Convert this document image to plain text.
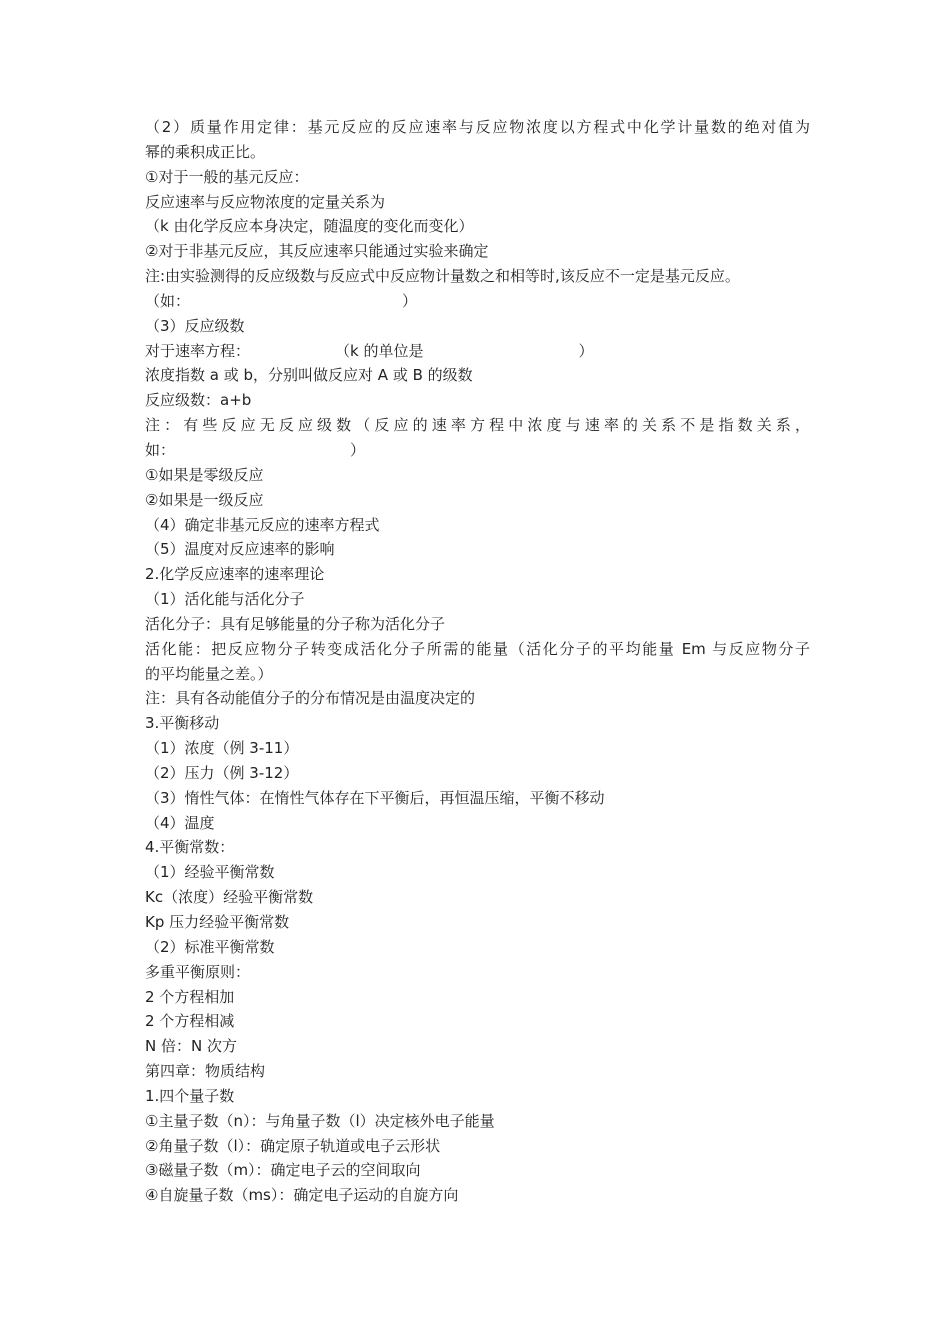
（2）质量作用定律：基元反应的反应速率与反应物浓度以方程式中化学计量数的绝对值为
幂的乘积成正比。
①对于一般的基元反应：
反应速率与反应物浓度的定量关系为
（k 由化学反应本身决定，随温度的变化而变化）
②对于非基元反应，其反应速率只能通过实验来确定
注:由实验测得的反应级数与反应式中反应物计量数之和相等时,该反应不一定是基元反应。
（如：	）
（3）反应级数
对于速率方程：	（k 的单位是	）
浓度指数 a 或 b，分别叫做反应对 A 或 B 的级数
反应级数：a+b
注：有些反应无反应级数（反应的速率方程中浓度与速率的关系不是指数关系，
如：	）
①如果是零级反应
②如果是一级反应
（4）确定非基元反应的速率方程式
（5）温度对反应速率的影响
2.化学反应速率的速率理论
（1）活化能与活化分子
活化分子：具有足够能量的分子称为活化分子
活化能：把反应物分子转变成活化分子所需的能量（活化分子的平均能量 Em 与反应物分子
的平均能量之差。）
注：具有各动能值分子的分布情况是由温度决定的
3.平衡移动
（1）浓度（例 3-11）
（2）压力（例 3-12）
（3）惰性气体：在惰性气体存在下平衡后，再恒温压缩，平衡不移动
（4）温度
4.平衡常数：
（1）经验平衡常数
Kc（浓度）经验平衡常数
Kp 压力经验平衡常数
（2）标准平衡常数
多重平衡原则：
2 个方程相加
2 个方程相减
N 倍：N 次方
第四章：物质结构
1.四个量子数
①主量子数（n）：与角量子数（l）决定核外电子能量
②角量子数（l）：确定原子轨道或电子云形状
③磁量子数（m）：确定电子云的空间取向
④自旋量子数（ms）：确定电子运动的自旋方向
